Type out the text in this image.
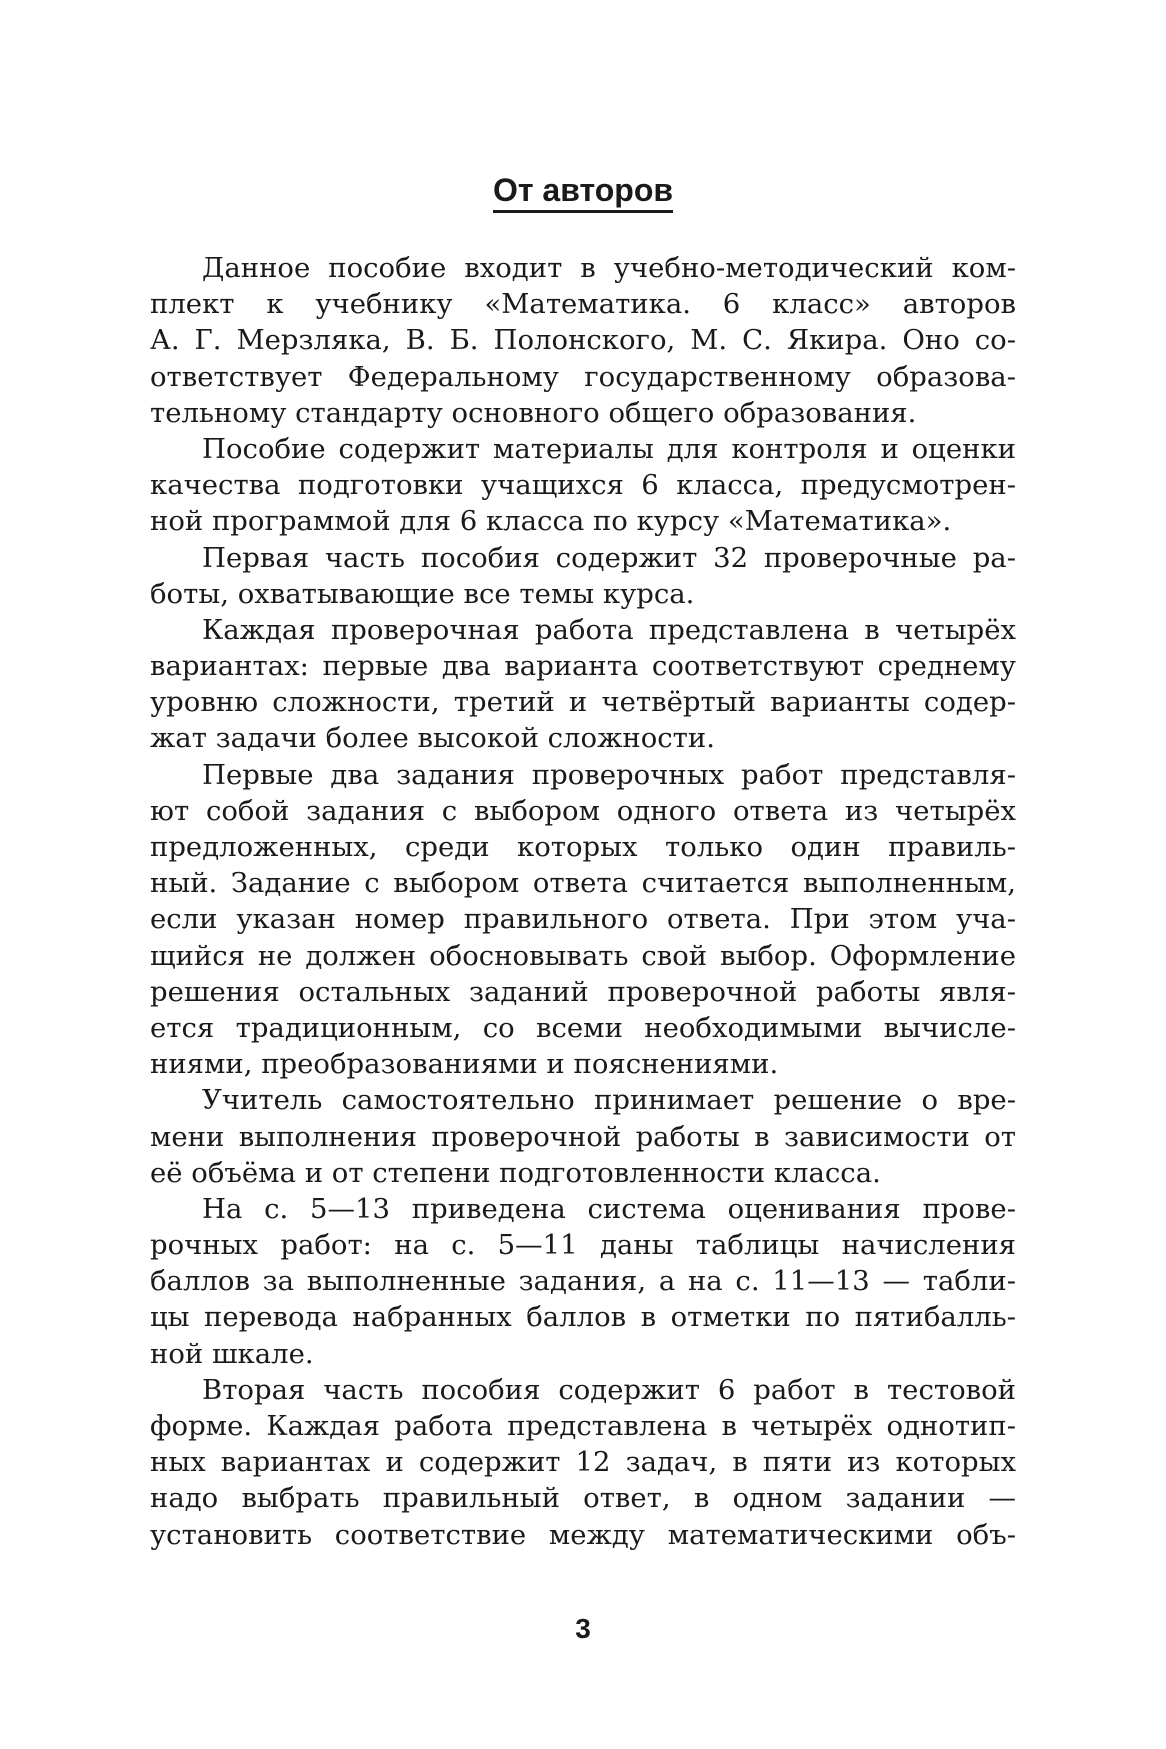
От авторов
Данное пособие входит в учебно-методический ком-
плект к учебнику «Математика. 6 класс» авторов
А. Г. Мерзляка, В. Б. Полонского, М. С. Якира. Оно со-
ответствует Федеральному государственному образова-
тельному стандарту основного общего образования.
Пособие содержит материалы для контроля и оценки
качества подготовки учащихся 6 класса, предусмотрен-
ной программой для 6 класса по курсу «Математика».
Первая часть пособия содержит 32 проверочные ра-
боты, охватывающие все темы курса.
Каждая проверочная работа представлена в четырёх
вариантах: первые два варианта соответствуют среднему
уровню сложности, третий и четвёртый варианты содер-
жат задачи более высокой сложности.
Первые два задания проверочных работ представля-
ют собой задания с выбором одного ответа из четырёх
предложенных, среди которых только один правиль-
ный. Задание с выбором ответа считается выполненным,
если указан номер правильного ответа. При этом уча-
щийся не должен обосновывать свой выбор. Оформление
решения остальных заданий проверочной работы явля-
ется традиционным, со всеми необходимыми вычисле-
ниями, преобразованиями и пояснениями.
Учитель самостоятельно принимает решение о вре-
мени выполнения проверочной работы в зависимости от
её объёма и от степени подготовленности класса.
На с. 5—13 приведена система оценивания прове-
рочных работ: на с. 5—11 даны таблицы начисления
баллов за выполненные задания, а на с. 11—13 — табли-
цы перевода набранных баллов в отметки по пятибалль-
ной шкале.
Вторая часть пособия содержит 6 работ в тестовой
форме. Каждая работа представлена в четырёх однотип-
ных вариантах и содержит 12 задач, в пяти из которых
надо выбрать правильный ответ, в одном задании —
установить соответствие между математическими объ-
3
